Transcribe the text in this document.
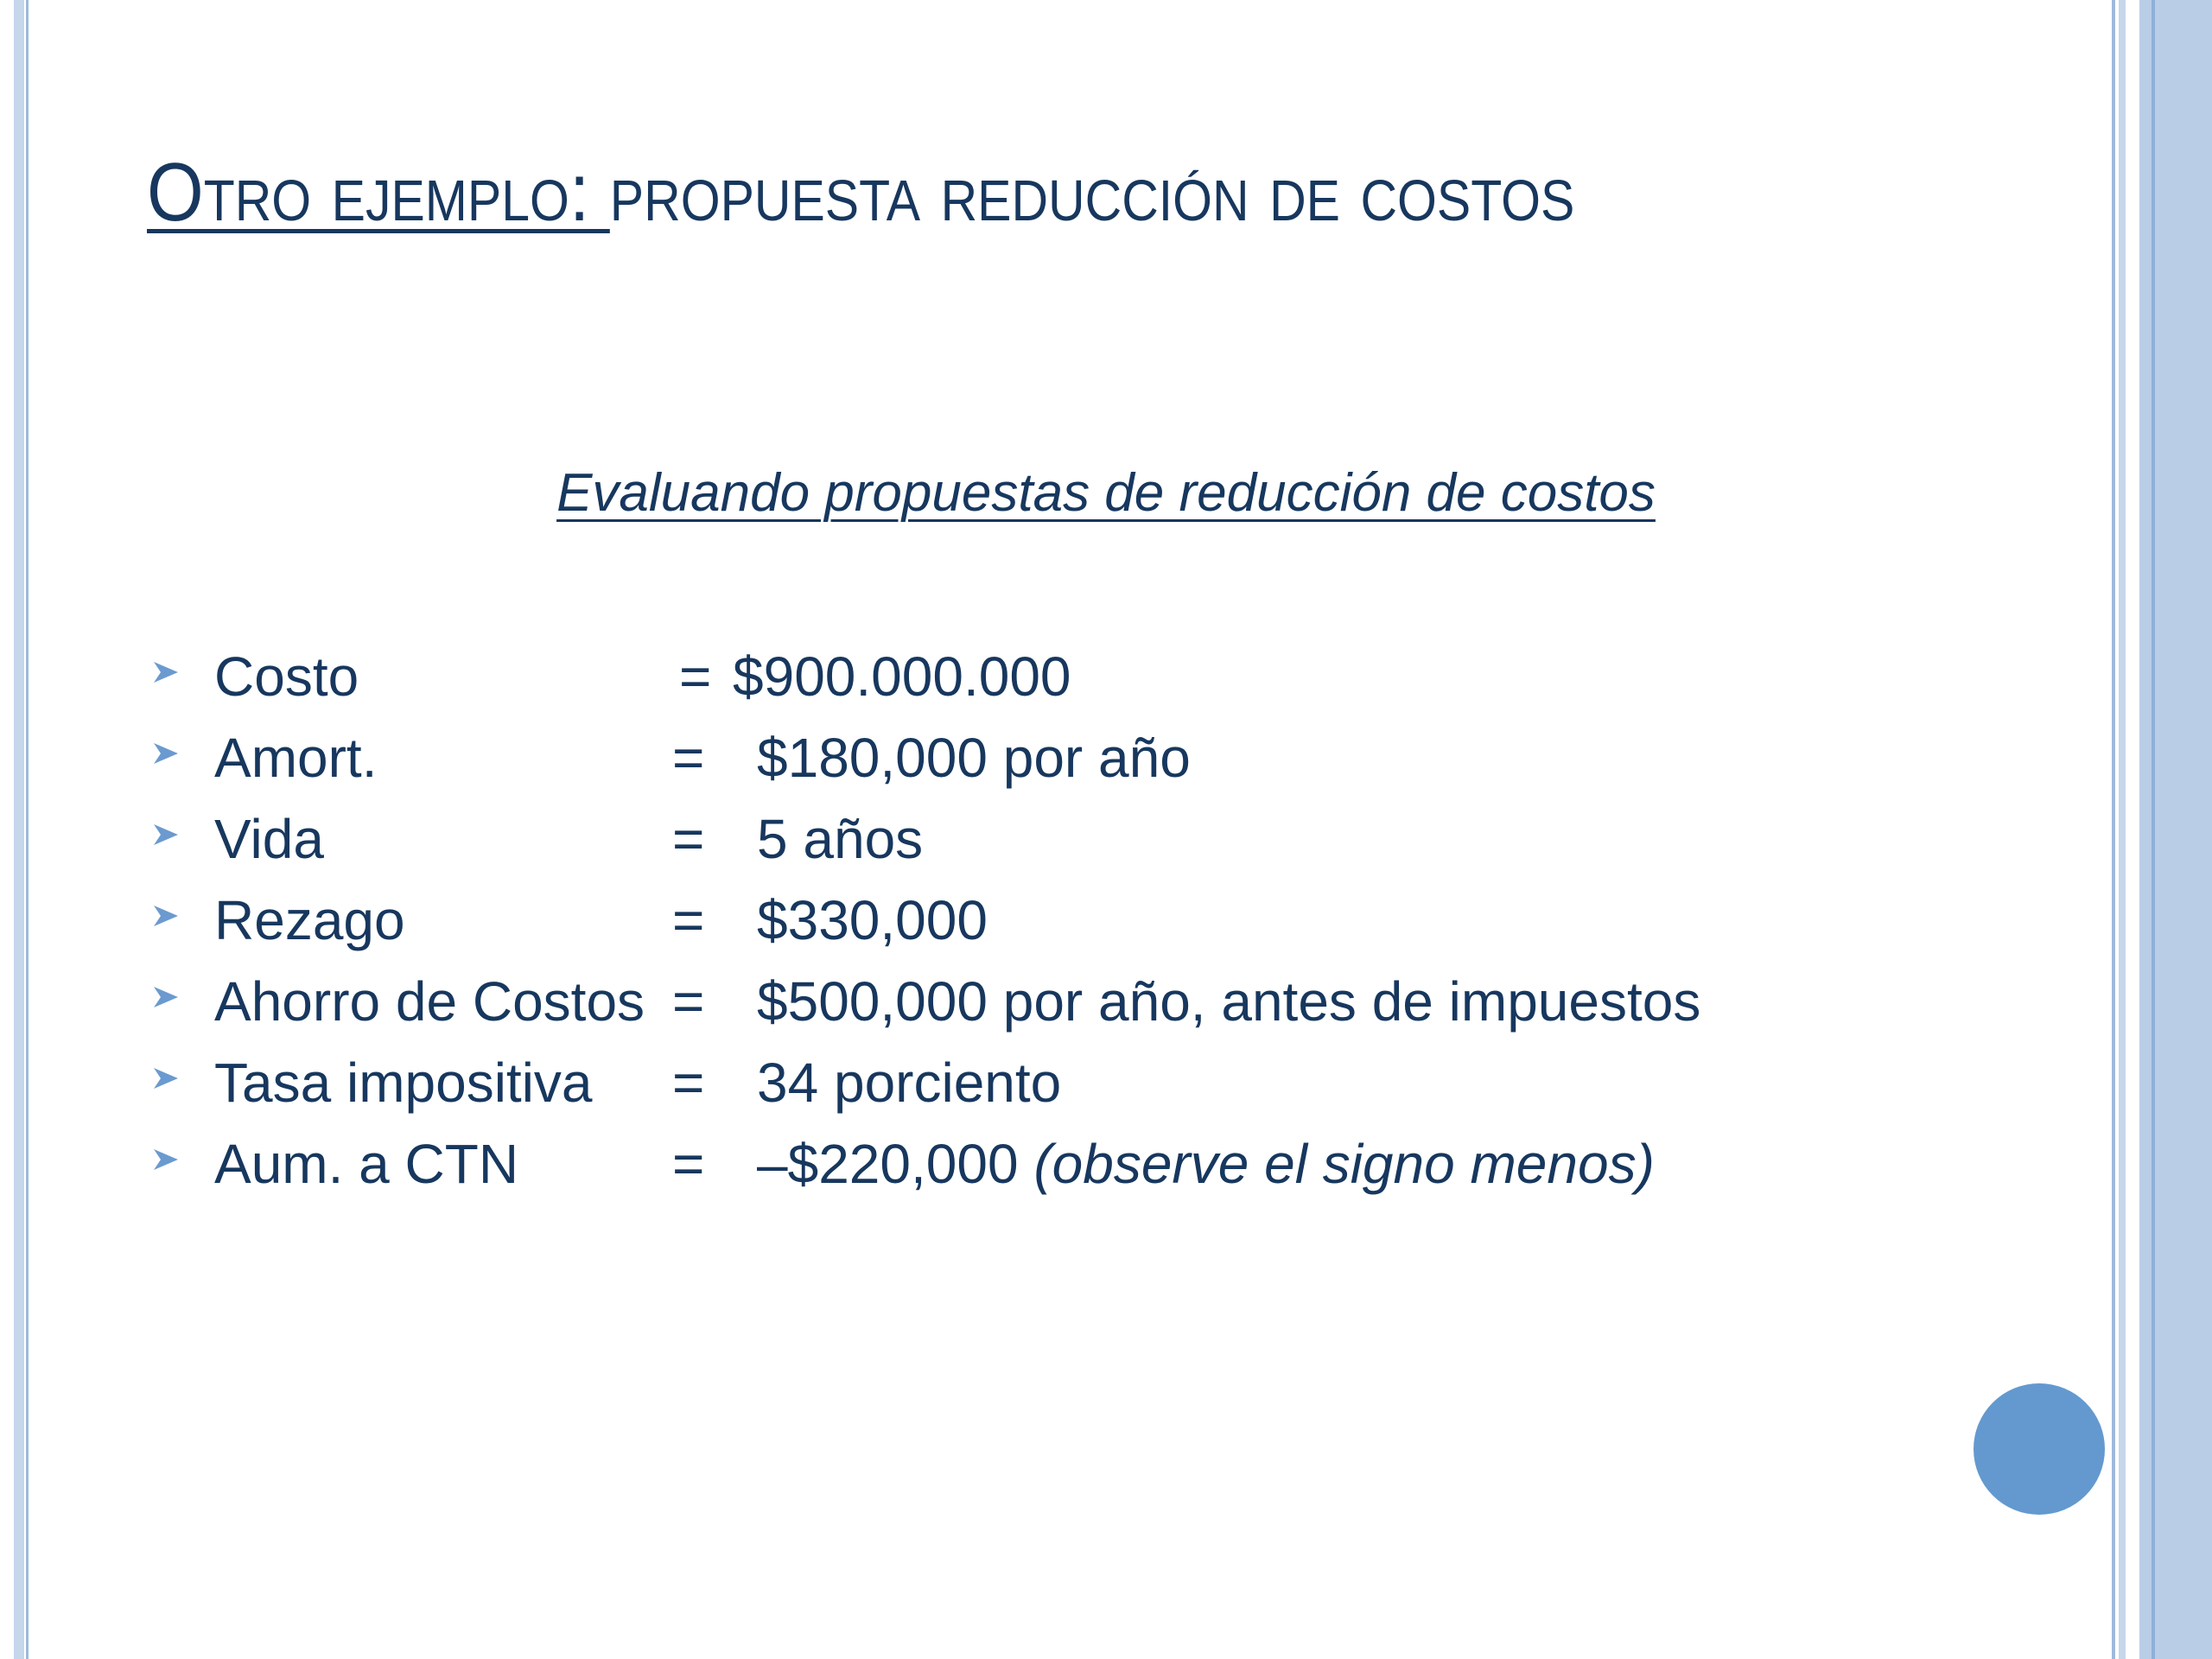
Otro ejemplo: propuesta reducción de costos
Evaluando propuestas de reducción de costos
Costo	= $900.000.000
Amort.	= $180,000 por año
Vida	= 5 años
Rezago	= $330,000
Ahorro de Costos = $500,000 por año, antes de impuestos
Tasa impositiva = 34 porciento
Aum. a CTN	= –$220,000 (observe el signo menos)
